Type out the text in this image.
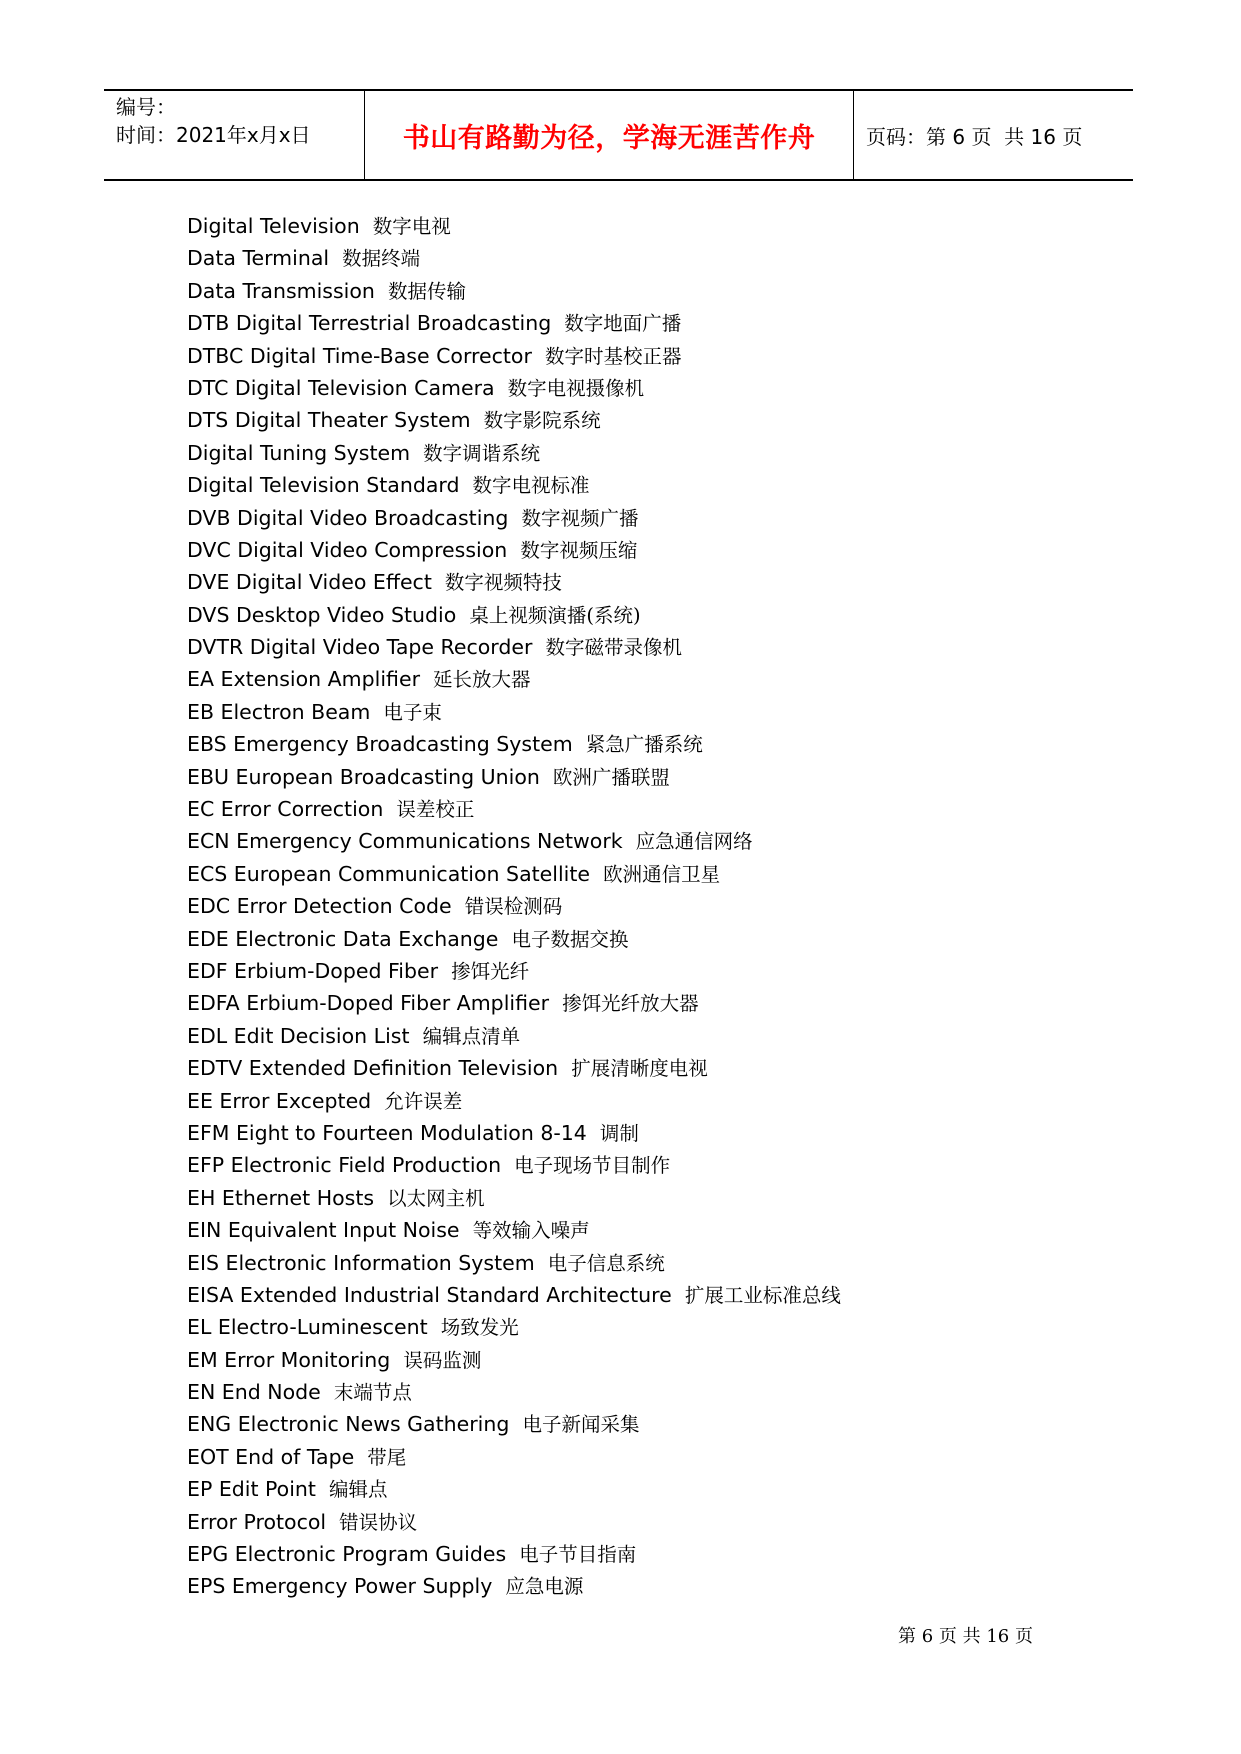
编号：
时间：2021年x月x日	书山有路勤为径，学海无涯苦作舟	页码：第 6 页  共 16 页
Digital Television 数字电视
Data Terminal 数据终端
Data Transmission 数据传输
DTB Digital Terrestrial Broadcasting 数字地面广播
DTBC Digital Time-Base Corrector 数字时基校正器
DTC Digital Television Camera 数字电视摄像机
DTS Digital Theater System 数字影院系统
Digital Tuning System 数字调谐系统
Digital Television Standard 数字电视标准
DVB Digital Video Broadcasting 数字视频广播
DVC Digital Video Compression 数字视频压缩
DVE Digital Video Effect 数字视频特技
DVS Desktop Video Studio 桌上视频演播(系统)
DVTR Digital Video Tape Recorder 数字磁带录像机
EA Extension Amplifier 延长放大器
EB Electron Beam 电子束
EBS Emergency Broadcasting System 紧急广播系统
EBU European Broadcasting Union 欧洲广播联盟
EC Error Correction 误差校正
ECN Emergency Communications Network 应急通信网络
ECS European Communication Satellite 欧洲通信卫星
EDC Error Detection Code 错误检测码
EDE Electronic Data Exchange 电子数据交换
EDF Erbium-Doped Fiber 掺饵光纤
EDFA Erbium-Doped Fiber Amplifier 掺饵光纤放大器
EDL Edit Decision List 编辑点清单
EDTV Extended Definition Television 扩展清晰度电视
EE Error Excepted 允许误差
EFM Eight to Fourteen Modulation 8-14 调制
EFP Electronic Field Production 电子现场节目制作
EH Ethernet Hosts 以太网主机
EIN Equivalent Input Noise 等效输入噪声
EIS Electronic Information System 电子信息系统
EISA Extended Industrial Standard Architecture 扩展工业标准总线
EL Electro-Luminescent 场致发光
EM Error Monitoring 误码监测
EN End Node 末端节点
ENG Electronic News Gathering 电子新闻采集
EOT End of Tape 带尾
EP Edit Point 编辑点
Error Protocol 错误协议
EPG Electronic Program Guides 电子节目指南
EPS Emergency Power Supply 应急电源
第 6 页 共 16 页
